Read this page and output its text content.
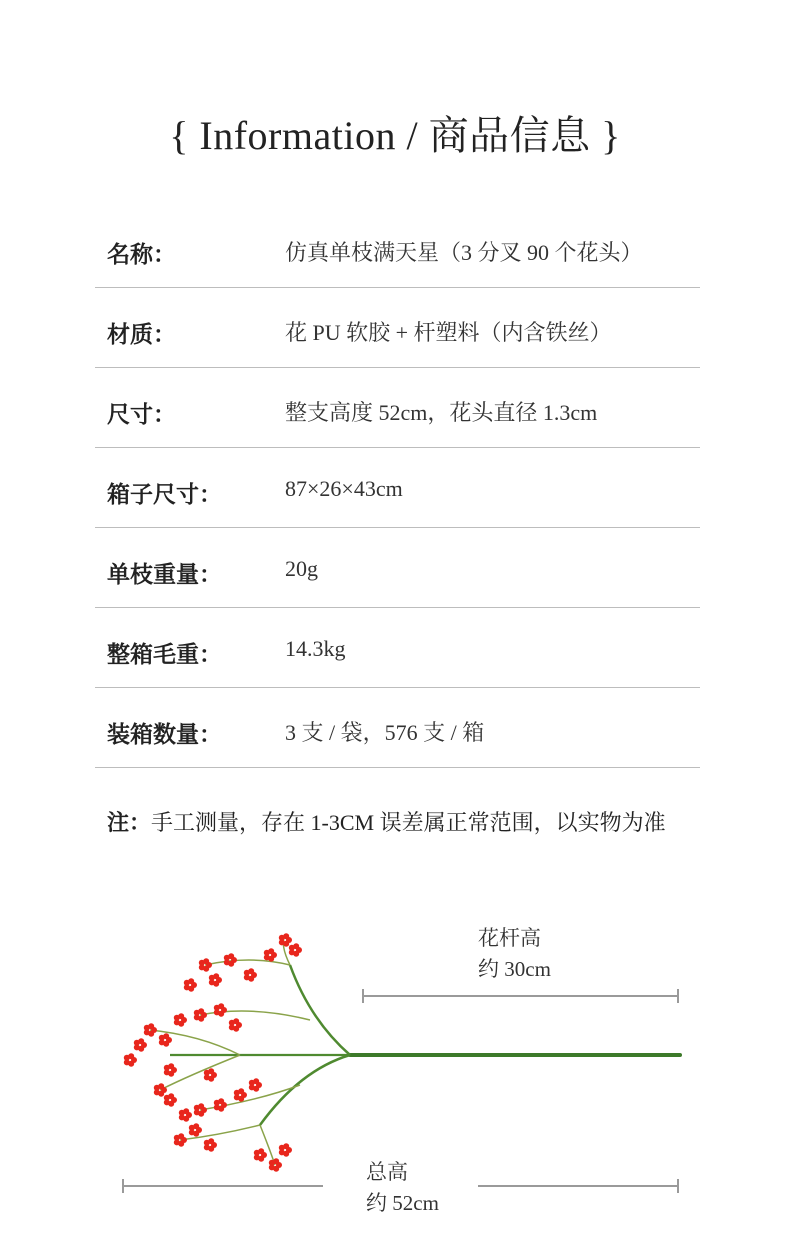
{ Information / 商品信息 }
名称：	仿真单枝满天星（3 分叉 90 个花头）
材质：	花 PU 软胶 + 杆塑料（内含铁丝）
尺寸：	整支高度 52cm，花头直径 1.3cm
箱子尺寸：	87×26×43cm
单枝重量：	20g
整箱毛重：	14.3kg
装箱数量：	3 支 / 袋，576 支 / 箱
注：手工测量，存在 1-3CM 误差属正常范围，以实物为准
花杆高
约 30cm
总高
约 52cm
